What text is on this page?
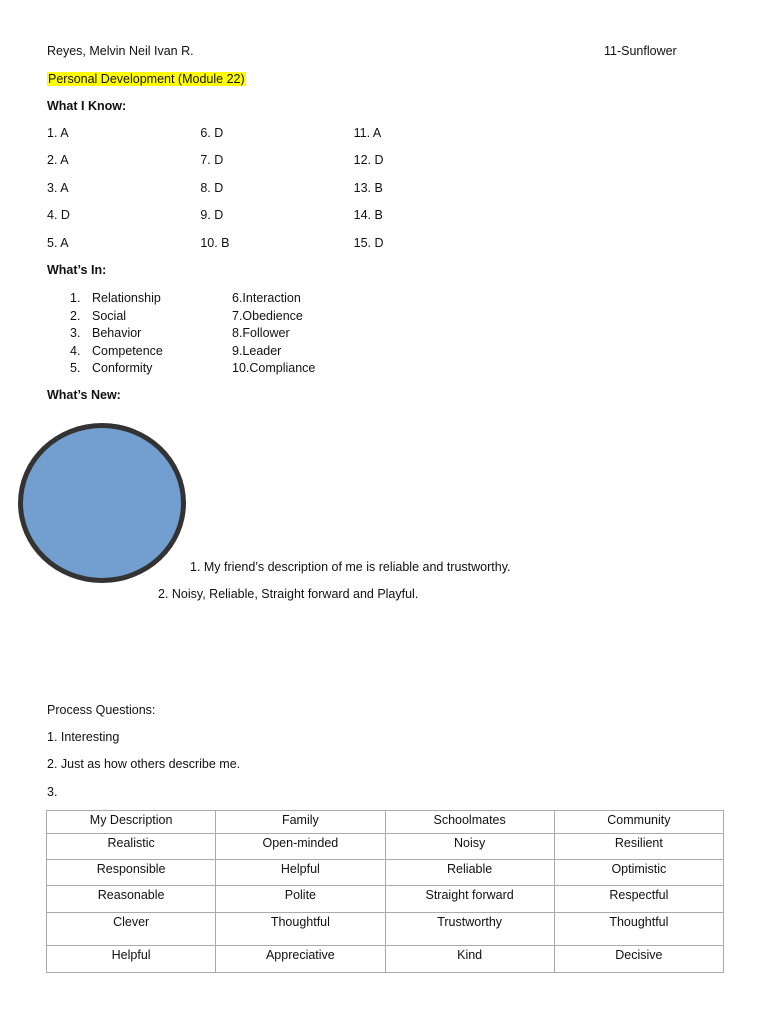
Reyes, Melvin Neil Ivan R.	11-Sunflower
Personal Development (Module 22)
What I Know:
1. A	6. D	11. A
2. A	7. D	12. D
3. A	8. D	13. B
4. D	9. D	14. B
5. A	10. B	15. D
What’s In:
1. Relationship
2. Social
3. Behavior
4. Competence
5. Conformity
6.Interaction
7.Obedience
8.Follower
9.Leader
10.Compliance
What’s New:
1. My friend’s description of me is reliable and trustworthy.
2. Noisy, Reliable, Straight forward and Playful.
Process Questions:
1. Interesting
2. Just as how others describe me.
3.
My Description	Family	Schoolmates	Community
Realistic	Open-minded	Noisy	Resilient
Responsible	Helpful	Reliable	Optimistic
Reasonable	Polite	Straight forward	Respectful
Clever	Thoughtful	Trustworthy	Thoughtful
Helpful	Appreciative	Kind	Decisive
